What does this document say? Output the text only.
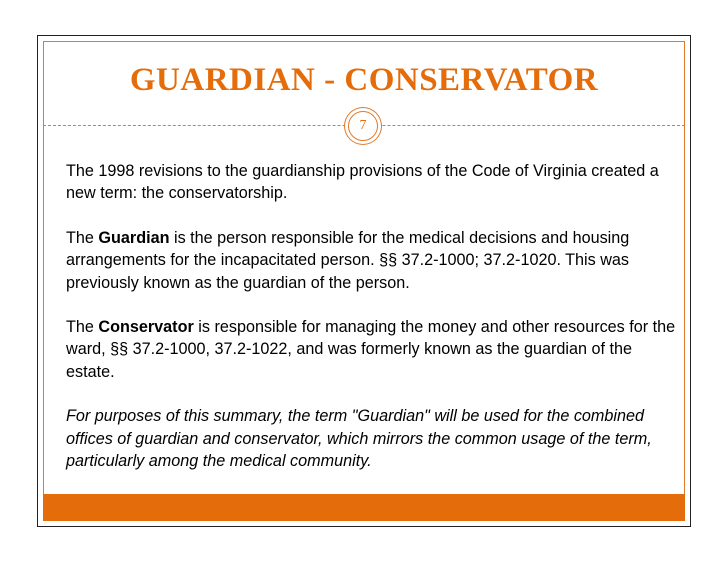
GUARDIAN - CONSERVATOR
7

The 1998 revisions to the guardianship provisions of the Code of Virginia created a new term: the conservatorship.

The Guardian is the person responsible for the medical decisions and housing arrangements for the incapacitated person. §§ 37.2-1000; 37.2-1020. This was previously known as the guardian of the person.

The Conservator is responsible for managing the money and other resources for the ward, §§ 37.2-1000, 37.2-1022, and was formerly known as the guardian of the estate.

For purposes of this summary, the term "Guardian" will be used for the combined offices of guardian and conservator, which mirrors the common usage of the term, particularly among the medical community.
